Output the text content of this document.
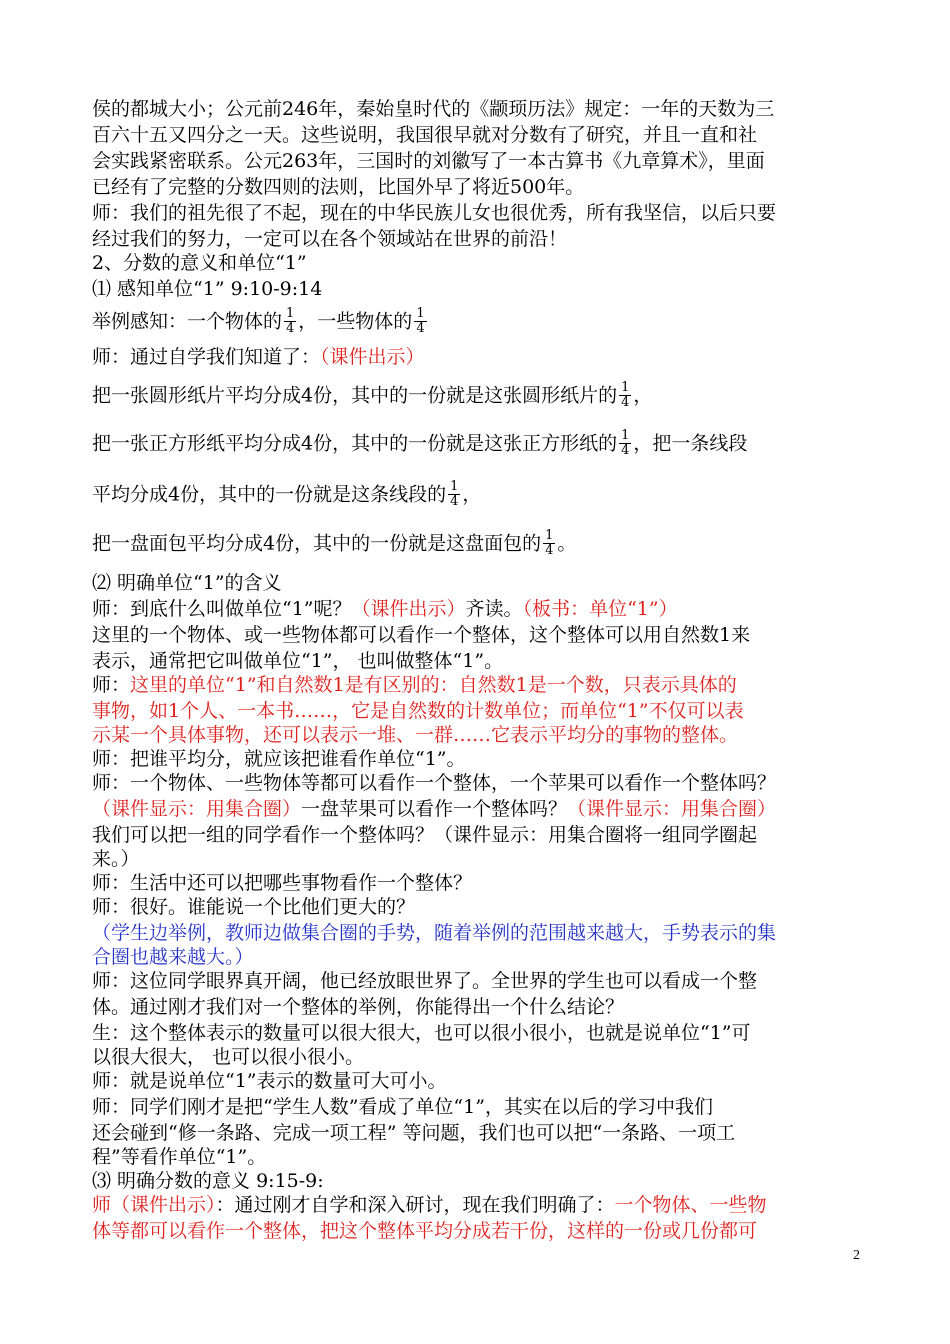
侯的都城大小；公元前246年，秦始皇时代的《颛顼历法》规定：一年的天数为三
百六十五又四分之一天。这些说明，我国很早就对分数有了研究，并且一直和社
会实践紧密联系。公元263年，三国时的刘徽写了一本古算书《九章算术》，里面
已经有了完整的分数四则的法则，比国外早了将近500年。
师：我们的祖先很了不起，现在的中华民族儿女也很优秀，所有我坚信，以后只要
经过我们的努力，一定可以在各个领域站在世界的前沿！
2、分数的意义和单位“1”
⑴ 感知单位“1” 9:10-9:14
举例感知：一个物体的 $\frac{1}{4}$ ，一些物体的 $\frac{1}{4}$
师：通过自学我们知道了：（课件出示）
把一张圆形纸片平均分成4份，其中的一份就是这张圆形纸片的 $\frac{1}{4}$ ，
把一张正方形纸平均分成4份，其中的一份就是这张正方形纸的 $\frac{1}{4}$ ，把一条线段
平均分成4份，其中的一份就是这条线段的 $\frac{1}{4}$ ，
把一盘面包平均分成4份，其中的一份就是这盘面包的 $\frac{1}{4}$ 。
⑵ 明确单位“1”的含义
师：到底什么叫做单位“1”呢？（课件出示）齐读。（板书：单位“1”）
这里的一个物体、或一些物体都可以看作一个整体，这个整体可以用自然数1来
表示，通常把它叫做单位“1”， 也叫做整体“1”。
师：这里的单位“1”和自然数1是有区别的：自然数1是一个数，只表示具体的
事物，如1个人、一本书……，它是自然数的计数单位；而单位“1”不仅可以表
示某一个具体事物，还可以表示一堆、一群……它表示平均分的事物的整体。
师：把谁平均分，就应该把谁看作单位“1”。
师：一个物体、一些物体等都可以看作一个整体，一个苹果可以看作一个整体吗？
（课件显示：用集合圈）一盘苹果可以看作一个整体吗？（课件显示：用集合圈）
我们可以把一组的同学看作一个整体吗？（课件显示：用集合圈将一组同学圈起
来。）
师：生活中还可以把哪些事物看作一个整体？
师：很好。谁能说一个比他们更大的？
（学生边举例，教师边做集合圈的手势，随着举例的范围越来越大，手势表示的集
合圈也越来越大。）
师：这位同学眼界真开阔，他已经放眼世界了。全世界的学生也可以看成一个整
体。通过刚才我们对一个整体的举例，你能得出一个什么结论？
生：这个整体表示的数量可以很大很大，也可以很小很小，也就是说单位“1”可
以很大很大， 也可以很小很小。
师：就是说单位“1”表示的数量可大可小。
师：同学们刚才是把“学生人数”看成了单位“1”，其实在以后的学习中我们
还会碰到“修一条路、完成一项工程” 等问题，我们也可以把“一条路、一项工
程”等看作单位“1”。
⑶ 明确分数的意义 9:15-9:
师（课件出示）：通过刚才自学和深入研讨，现在我们明确了：一个物体、一些物
体等都可以看作一个整体，把这个整体平均分成若干份，这样的一份或几份都可
2
